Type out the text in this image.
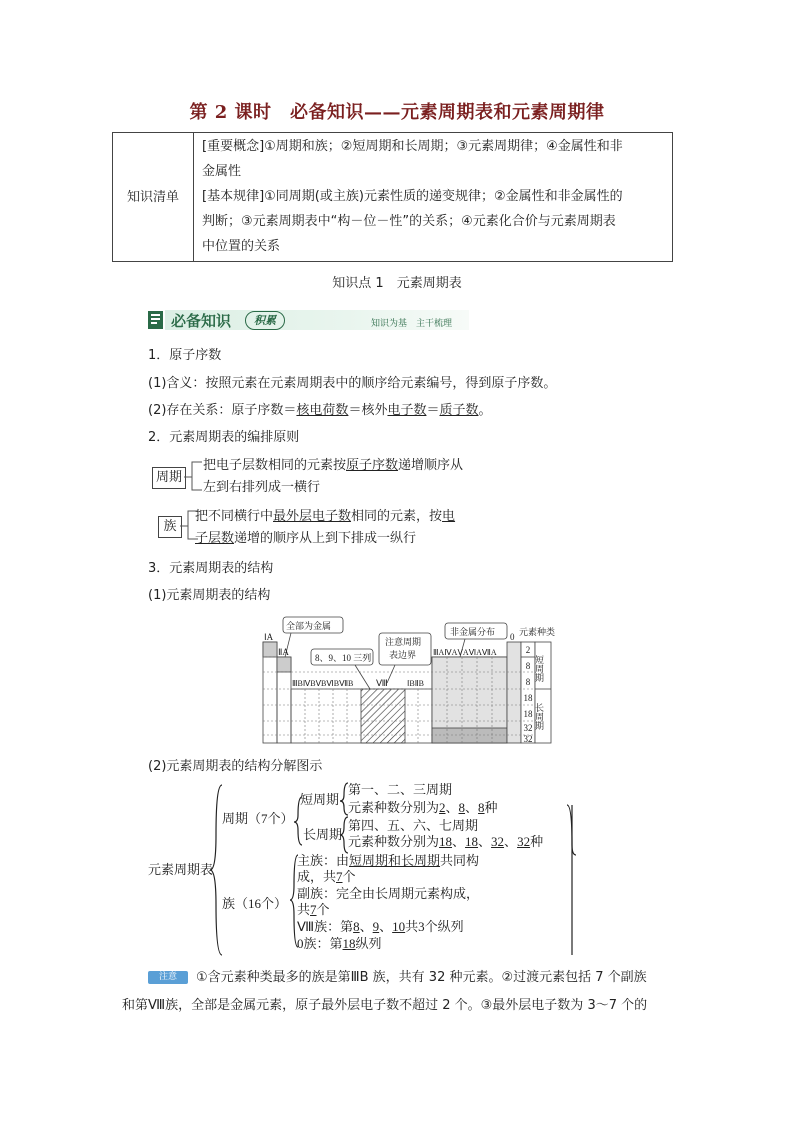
第 2 课时　必备知识——元素周期表和元素周期律
知识清单	
[重要概念]①周期和族；②短周期和长周期；③元素周期律；④金属性和非
金属性
[基本规律]①同周期(或主族)元素性质的递变规律；②金属性和非金属性的
判断；③元素周期表中“构－位－性”的关系；④元素化合价与元素周期表
中位置的关系
知识点 1　元素周期表
必备知识	积累	知识为基　主干梳理
1．原子序数
(1)含义：按照元素在元素周期表中的顺序给元素编号，得到原子序数。
(2)存在关系：原子序数＝核电荷数＝核外电子数＝质子数。
2．元素周期表的编排原则
周期
把电子层数相同的元素按原子序数递增顺序从
左到右排列成一横行
族
把不同横行中最外层电子数相同的元素，按电
子层数递增的顺序从上到下排成一纵行
3．元素周期表的结构
(1)元素周期表的结构
全部为金属
8、9、10 三列
注意周期
表边界
非金属分布
ⅠA
ⅡA
ⅢBⅣBⅤBⅥBⅦB	Ⅷ ⅠBⅡB
ⅢAⅣAⅤAⅥAⅦA
0 元素种类
2
8
8
18
18
32
32
短周期
长周期
(2)元素周期表的结构分解图示
元素周期表
周期（7个）
短周期
第一、二、三周期
元素种数分别为2、8、8种
长周期
第四、五、六、七周期
元素种数分别为18、18、32、32种
族（16个）
主族：由短周期和长周期共同构
成，共7个
副族：完全由长周期元素构成，
共7个
Ⅷ族：第8、9、10共3个纵列
0族：第18纵列
注意	①含元素种类最多的族是第ⅢB 族，共有 32 种元素。②过渡元素包括 7 个副族
和第Ⅷ族，全部是金属元素，原子最外层电子数不超过 2 个。③最外层电子数为 3～7 个的
